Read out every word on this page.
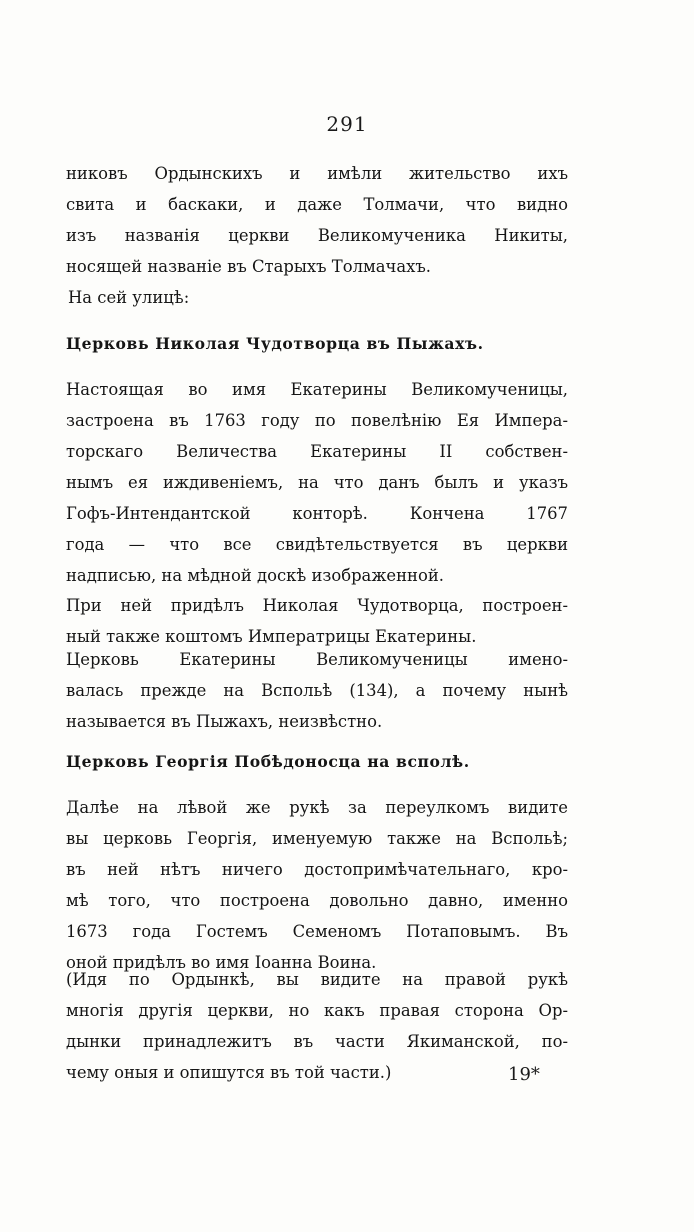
291
никовъ Ордынскихъ и имѣли жительство ихъ
свита и баскаки, и даже Толмачи, что видно
изъ названія церкви Великомученика Никиты,
носящей названіе въ Старыхъ Толмачахъ.
На сей улицѣ:
Церковь Николая Чудотворца въ Пыжахъ.
Настоящая во имя Екатерины Великомученицы,
застроена въ 1763 году по повелѣнію Ея Импера-
торскаго Величества Екатерины II собствен-
нымъ ея иждивеніемъ, на что данъ былъ и указъ
Гофъ-Интендантской конторѣ. Кончена 1767
года — что все свидѣтельствуется въ церкви
надписью, на мѣдной доскѣ изображенной.
При ней придѣлъ Николая Чудотворца, построен-
ный также коштомъ Императрицы Екатерины.
Церковь Екатерины Великомученицы имено-
валась прежде на Вспольѣ (134), а почему нынѣ
называется въ Пыжахъ, неизвѣстно.
Церковь Георгія Побѣдоносца на всполѣ.
Далѣе на лѣвой же рукѣ за переулкомъ видите
вы церковь Георгія, именуемую также на Вспольѣ;
въ ней нѣтъ ничего достопримѣчательнаго, кро-
мѣ того, что построена довольно давно, именно
1673 года Гостемъ Семеномъ Потаповымъ. Въ
оной придѣлъ во имя Іоанна Воина.
(Идя по Ордынкѣ, вы видите на правой рукѣ
многія другія церкви, но какъ правая сторона Ор-
дынки принадлежитъ въ части Якиманской, по-
чему оныя и опишутся въ той части.)	19*
